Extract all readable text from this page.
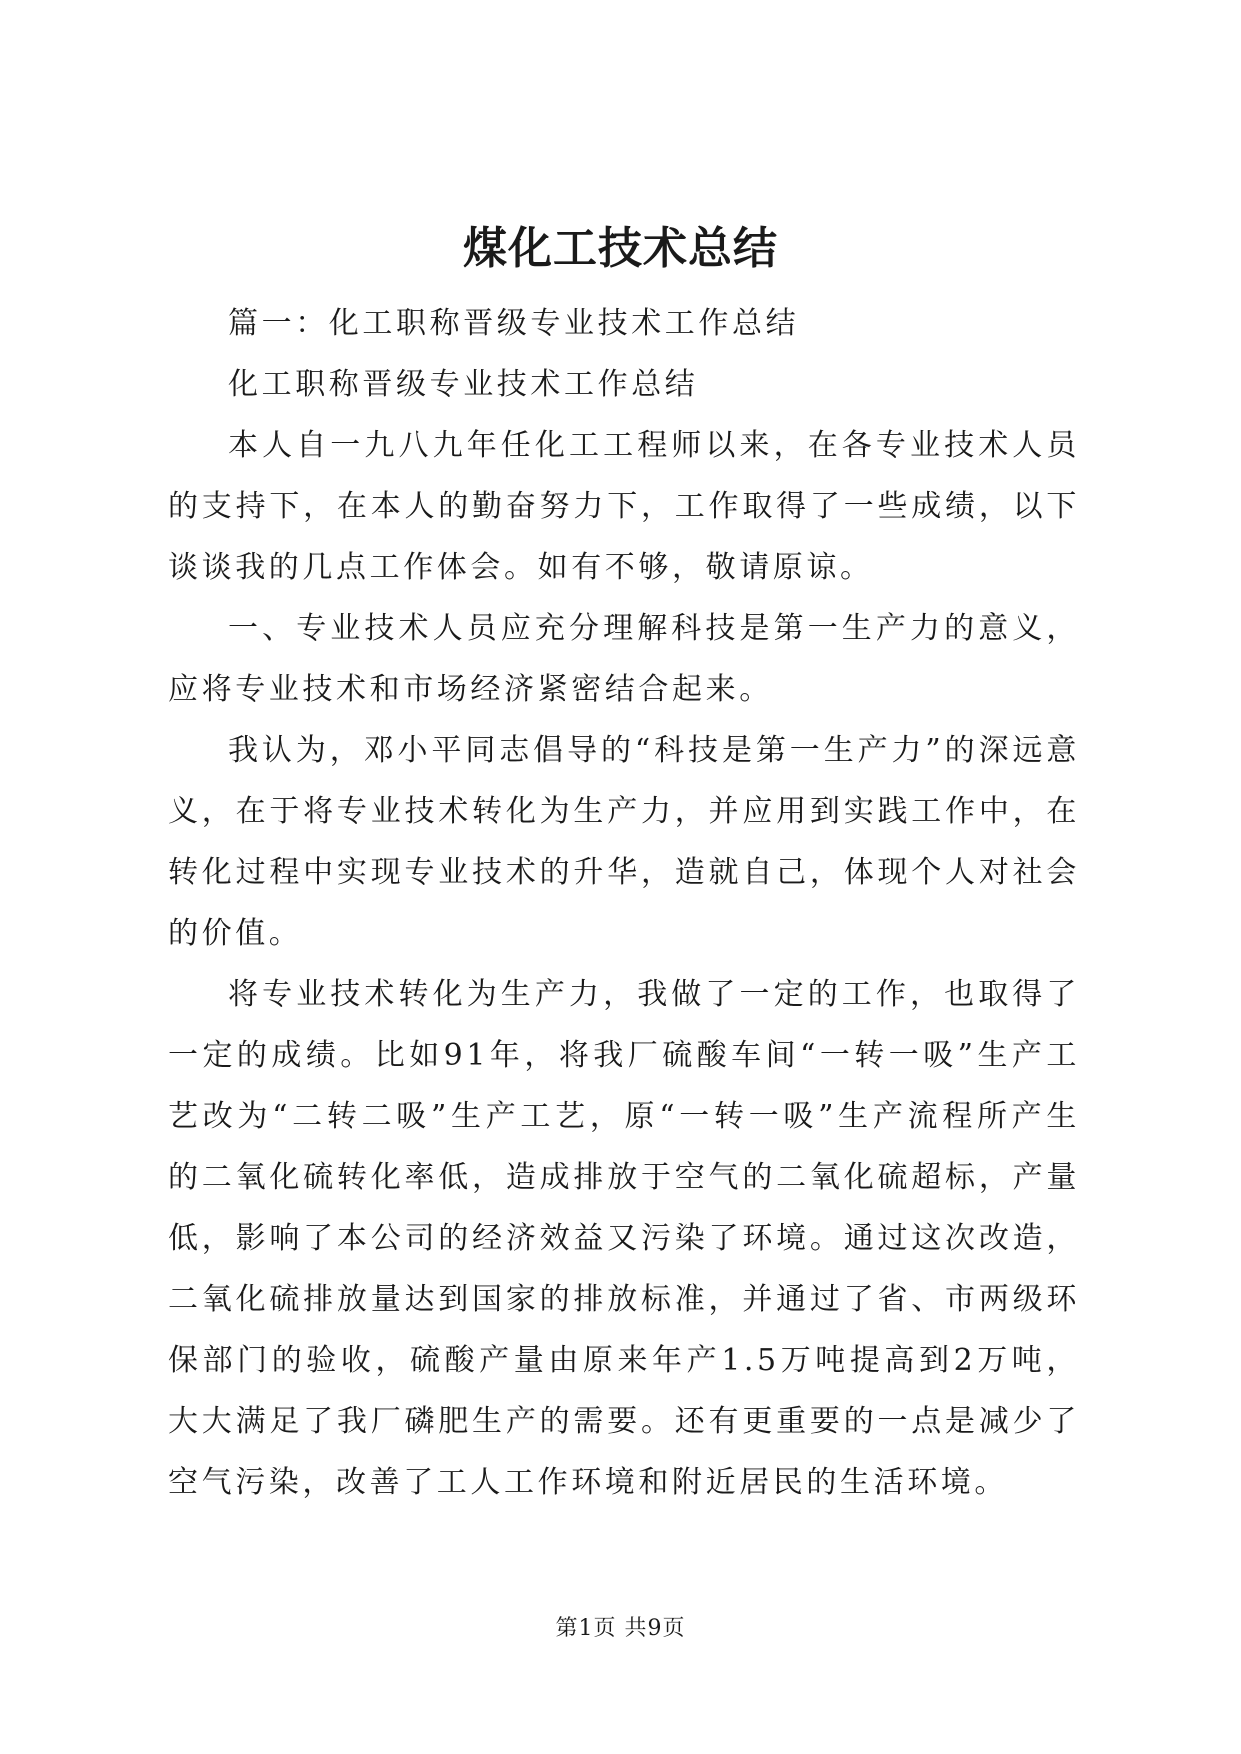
煤化工技术总结

篇一：化工职称晋级专业技术工作总结

化工职称晋级专业技术工作总结

本人自一九八九年任化工工程师以来，在各专业技术人员的支持下，在本人的勤奋努力下，工作取得了一些成绩，以下谈谈我的几点工作体会。如有不够，敬请原谅。

一、专业技术人员应充分理解科技是第一生产力的意义，应将专业技术和市场经济紧密结合起来。

我认为，邓小平同志倡导的“科技是第一生产力”的深远意义，在于将专业技术转化为生产力，并应用到实践工作中，在转化过程中实现专业技术的升华，造就自己，体现个人对社会的价值。

将专业技术转化为生产力，我做了一定的工作，也取得了一定的成绩。比如91年，将我厂硫酸车间“一转一吸”生产工艺改为“二转二吸”生产工艺，原“一转一吸”生产流程所产生的二氧化硫转化率低，造成排放于空气的二氧化硫超标，产量低，影响了本公司的经济效益又污染了环境。通过这次改造，二氧化硫排放量达到国家的排放标准，并通过了省、市两级环保部门的验收，硫酸产量由原来年产1.5万吨提高到2万吨，大大满足了我厂磷肥生产的需要。还有更重要的一点是减少了空气污染，改善了工人工作环境和附近居民的生活环境。

第1页 共9页
